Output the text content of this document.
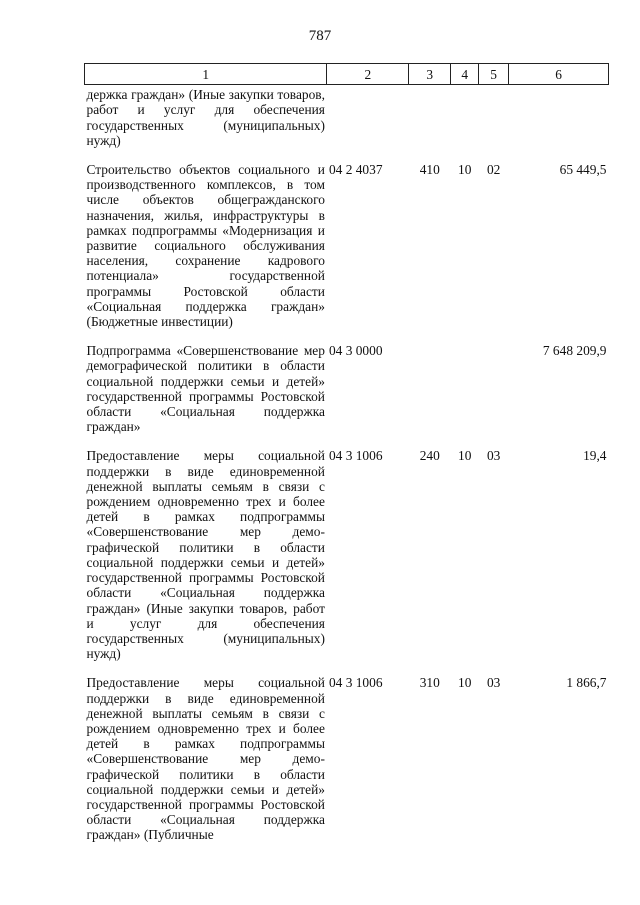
787
1	2	3	4	5	6
держка граждан» (Иные закупки товаров, работ и услуг для обеспечения государственных (муниципальных) нужд)					
Строительство объектов социального и производственного комплексов, в том числе объектов общегражданского назначения, жилья, инфраструктуры в рамках подпрограммы «Модернизация и развитие социального обслуживания населения, сохранение кадрового потенциала» государственной программы Ростовской области «Социальная поддержка граждан» (Бюджетные инвестиции)	04 2 4037	410	10	02	65 449,5
Подпрограмма «Совершенствование мер демографической политики в области социальной поддержки семьи и детей» государственной программы Ростовской области «Социальная поддержка граждан»	04 3 0000				7 648 209,9
Предоставление меры социальной поддержки в виде единовременной денежной выплаты семьям в связи с рождением одновременно трех и более детей в рамках подпрограммы «Совершенствование мер демографической политики в области социальной поддержки семьи и детей» государственной программы Ростовской области «Социальная поддержка граждан» (Иные закупки товаров, работ и услуг для обеспечения государственных (муниципальных) нужд)	04 3 1006	240	10	03	19,4
Предоставление меры социальной поддержки в виде единовременной денежной выплаты семьям в связи с рождением одновременно трех и более детей в рамках подпрограммы «Совершенствование мер демографической политики в области социальной поддержки семьи и детей» государственной программы Ростовской области «Социальная поддержка граждан» (Публичные	04 3 1006	310	10	03	1 866,7
